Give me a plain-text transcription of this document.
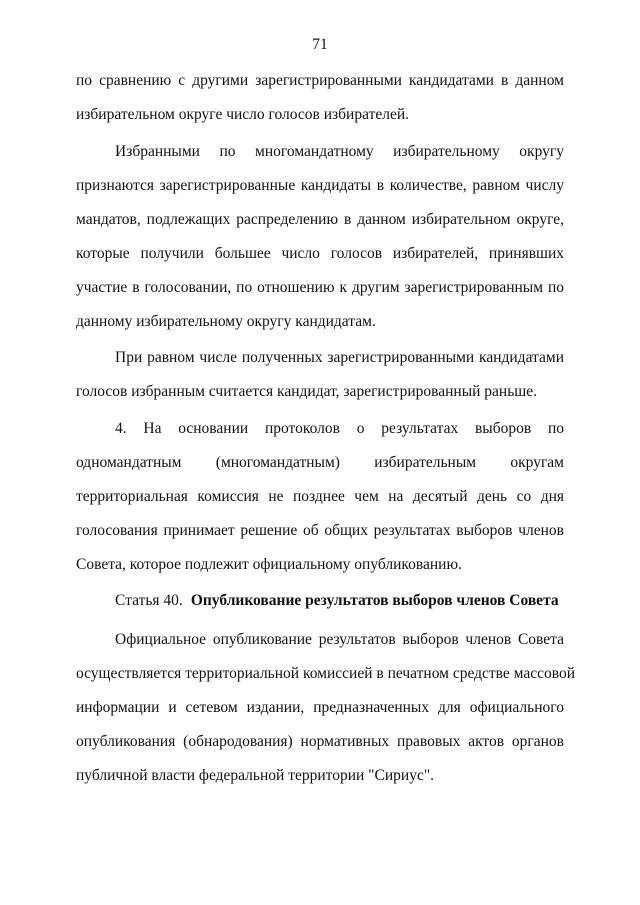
71
по сравнению с другими зарегистрированными кандидатами в данном
избирательном округе число голосов избирателей.
Избранными по многомандатному избирательному округу
признаются зарегистрированные кандидаты в количестве, равном числу
мандатов, подлежащих распределению в данном избирательном округе,
которые получили большее число голосов избирателей, принявших
участие в голосовании, по отношению к другим зарегистрированным по
данному избирательному округу кандидатам.
При равном числе полученных зарегистрированными кандидатами
голосов избранным считается кандидат, зарегистрированный раньше.
4. На основании протоколов о результатах выборов по
одномандатным (многомандатным) избирательным округам
территориальная комиссия не позднее чем на десятый день со дня
голосования принимает решение об общих результатах выборов членов
Совета, которое подлежит официальному опубликованию.
Статья 40. Опубликование результатов выборов членов Совета
Официальное опубликование результатов выборов членов Совета
осуществляется территориальной комиссией в печатном средстве массовой
информации и сетевом издании, предназначенных для официального
опубликования (обнародования) нормативных правовых актов органов
публичной власти федеральной территории "Сириус".
